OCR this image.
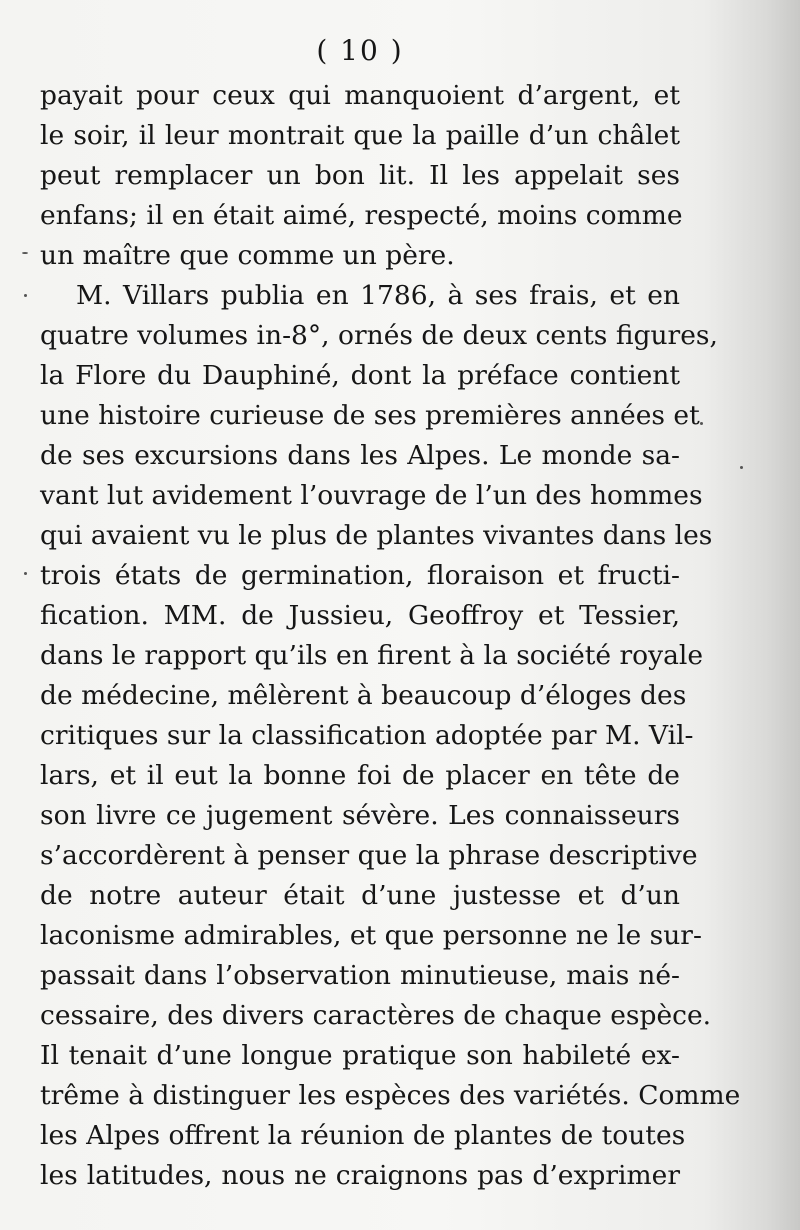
( 10 )
payait pour ceux qui manquoient d’argent, et
le soir, il leur montrait que la paille d’un châlet
peut remplacer un bon lit. Il les appelait ses
enfans; il en était aimé, respecté, moins comme
un maître que comme un père.
M. Villars publia en 1786, à ses frais, et en
quatre volumes in-8°, ornés de deux cents figures,
la Flore du Dauphiné, dont la préface contient
une histoire curieuse de ses premières années et
de ses excursions dans les Alpes. Le monde sa-
vant lut avidement l’ouvrage de l’un des hommes
qui avaient vu le plus de plantes vivantes dans les
trois états de germination, floraison et fructi-
fication. MM. de Jussieu, Geoffroy et Tessier,
dans le rapport qu’ils en firent à la société royale
de médecine, mêlèrent à beaucoup d’éloges des
critiques sur la classification adoptée par M. Vil-
lars, et il eut la bonne foi de placer en tête de
son livre ce jugement sévère. Les connaisseurs
s’accordèrent à penser que la phrase descriptive
de notre auteur était d’une justesse et d’un
laconisme admirables, et que personne ne le sur-
passait dans l’observation minutieuse, mais né-
cessaire, des divers caractères de chaque espèce.
Il tenait d’une longue pratique son habileté ex-
trême à distinguer les espèces des variétés. Comme
les Alpes offrent la réunion de plantes de toutes
les latitudes, nous ne craignons pas d’exprimer
